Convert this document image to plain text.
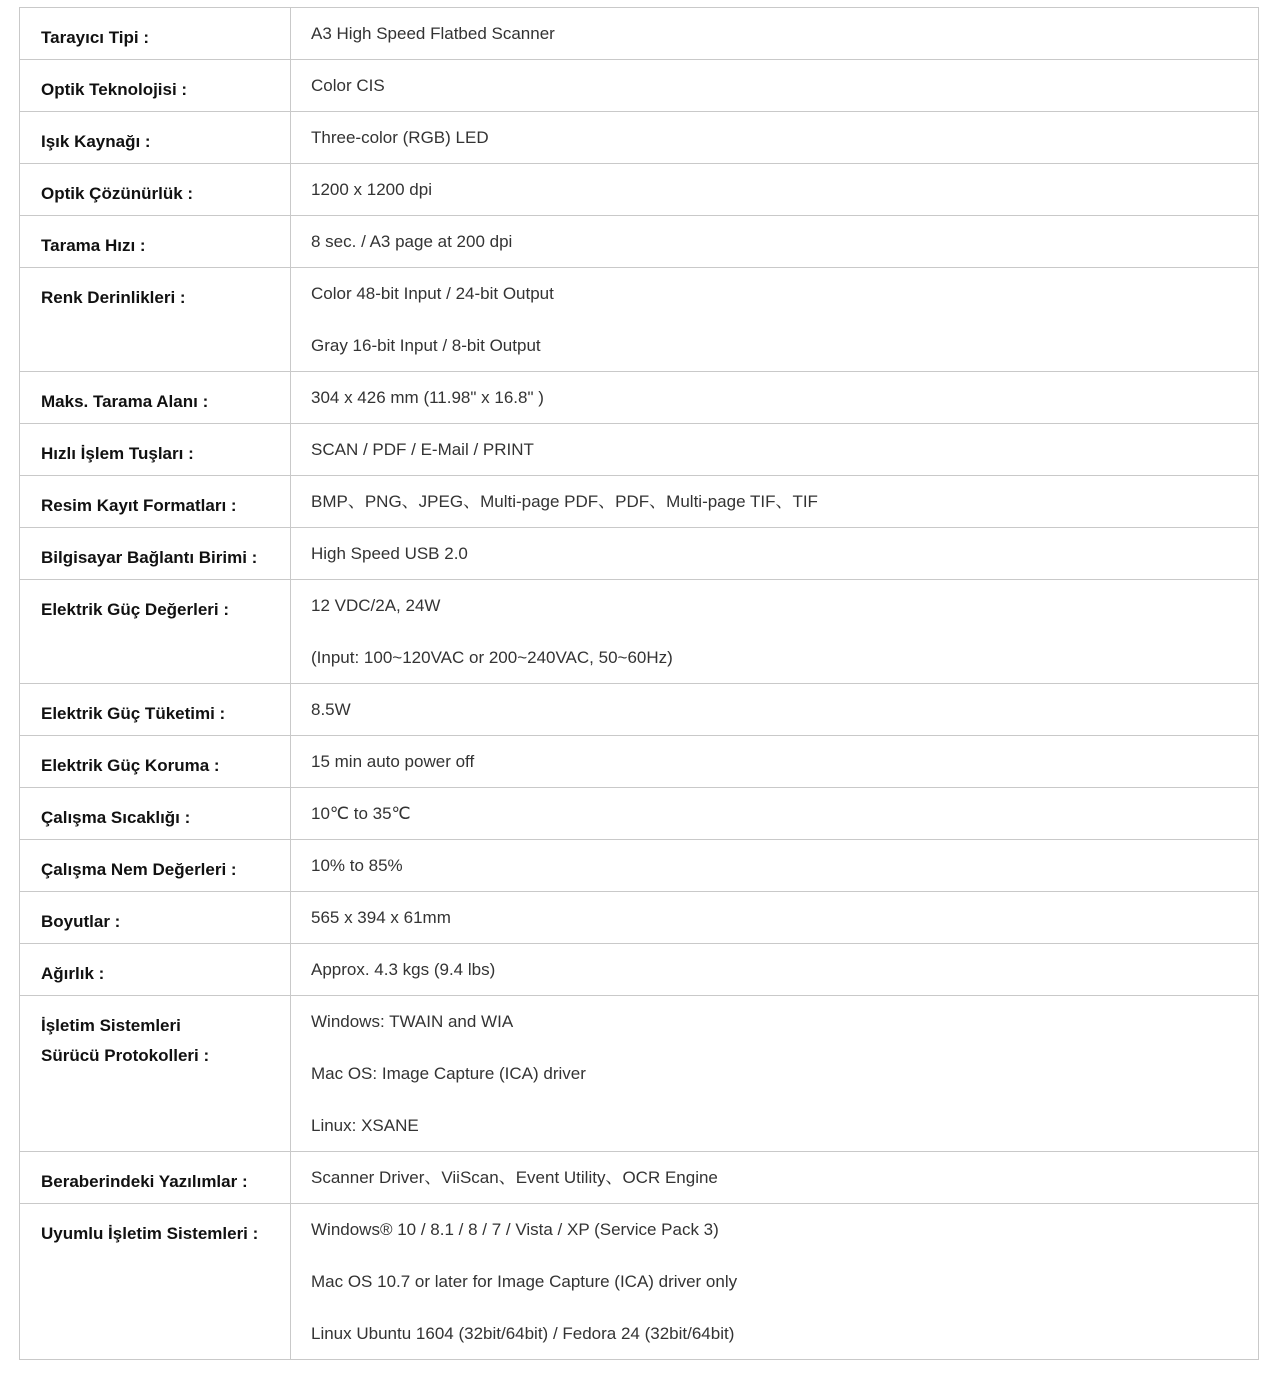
Tarayıcı Tipi :	A3 High Speed Flatbed Scanner

Optik Teknolojisi :	Color CIS

Işık Kaynağı :	Three-color (RGB) LED

Optik Çözünürlük :	1200 x 1200 dpi

Tarama Hızı :	8 sec. / A3 page at 200 dpi

Renk Derinlikleri :	Color 48-bit Input / 24-bit Output
Gray 16-bit Input / 8-bit Output

Maks. Tarama Alanı :	304 x 426 mm (11.98" x 16.8" )

Hızlı İşlem Tuşları :	SCAN / PDF / E-Mail / PRINT

Resim Kayıt Formatları :	BMP、PNG、JPEG、Multi-page PDF、PDF、Multi-page TIF、TIF

Bilgisayar Bağlantı Birimi :	High Speed USB 2.0

Elektrik Güç Değerleri :	12 VDC/2A, 24W
(Input: 100~120VAC or 200~240VAC, 50~60Hz)

Elektrik Güç Tüketimi :	8.5W

Elektrik Güç Koruma :	15 min auto power off

Çalışma Sıcaklığı :	10℃ to 35℃

Çalışma Nem Değerleri :	10% to 85%

Boyutlar :	565 x 394 x 61mm

Ağırlık :	Approx. 4.3 kgs (9.4 lbs)

İşletim Sistemleri
Sürücü Protokolleri :	Windows: TWAIN and WIA
Mac OS: Image Capture (ICA) driver
Linux: XSANE

Beraberindeki Yazılımlar :	Scanner Driver、ViiScan、Event Utility、OCR Engine

Uyumlu İşletim Sistemleri :	Windows® 10 / 8.1 / 8 / 7 / Vista / XP (Service Pack 3)
Mac OS 10.7 or later for Image Capture (ICA) driver only
Linux Ubuntu 1604 (32bit/64bit) / Fedora 24 (32bit/64bit)
